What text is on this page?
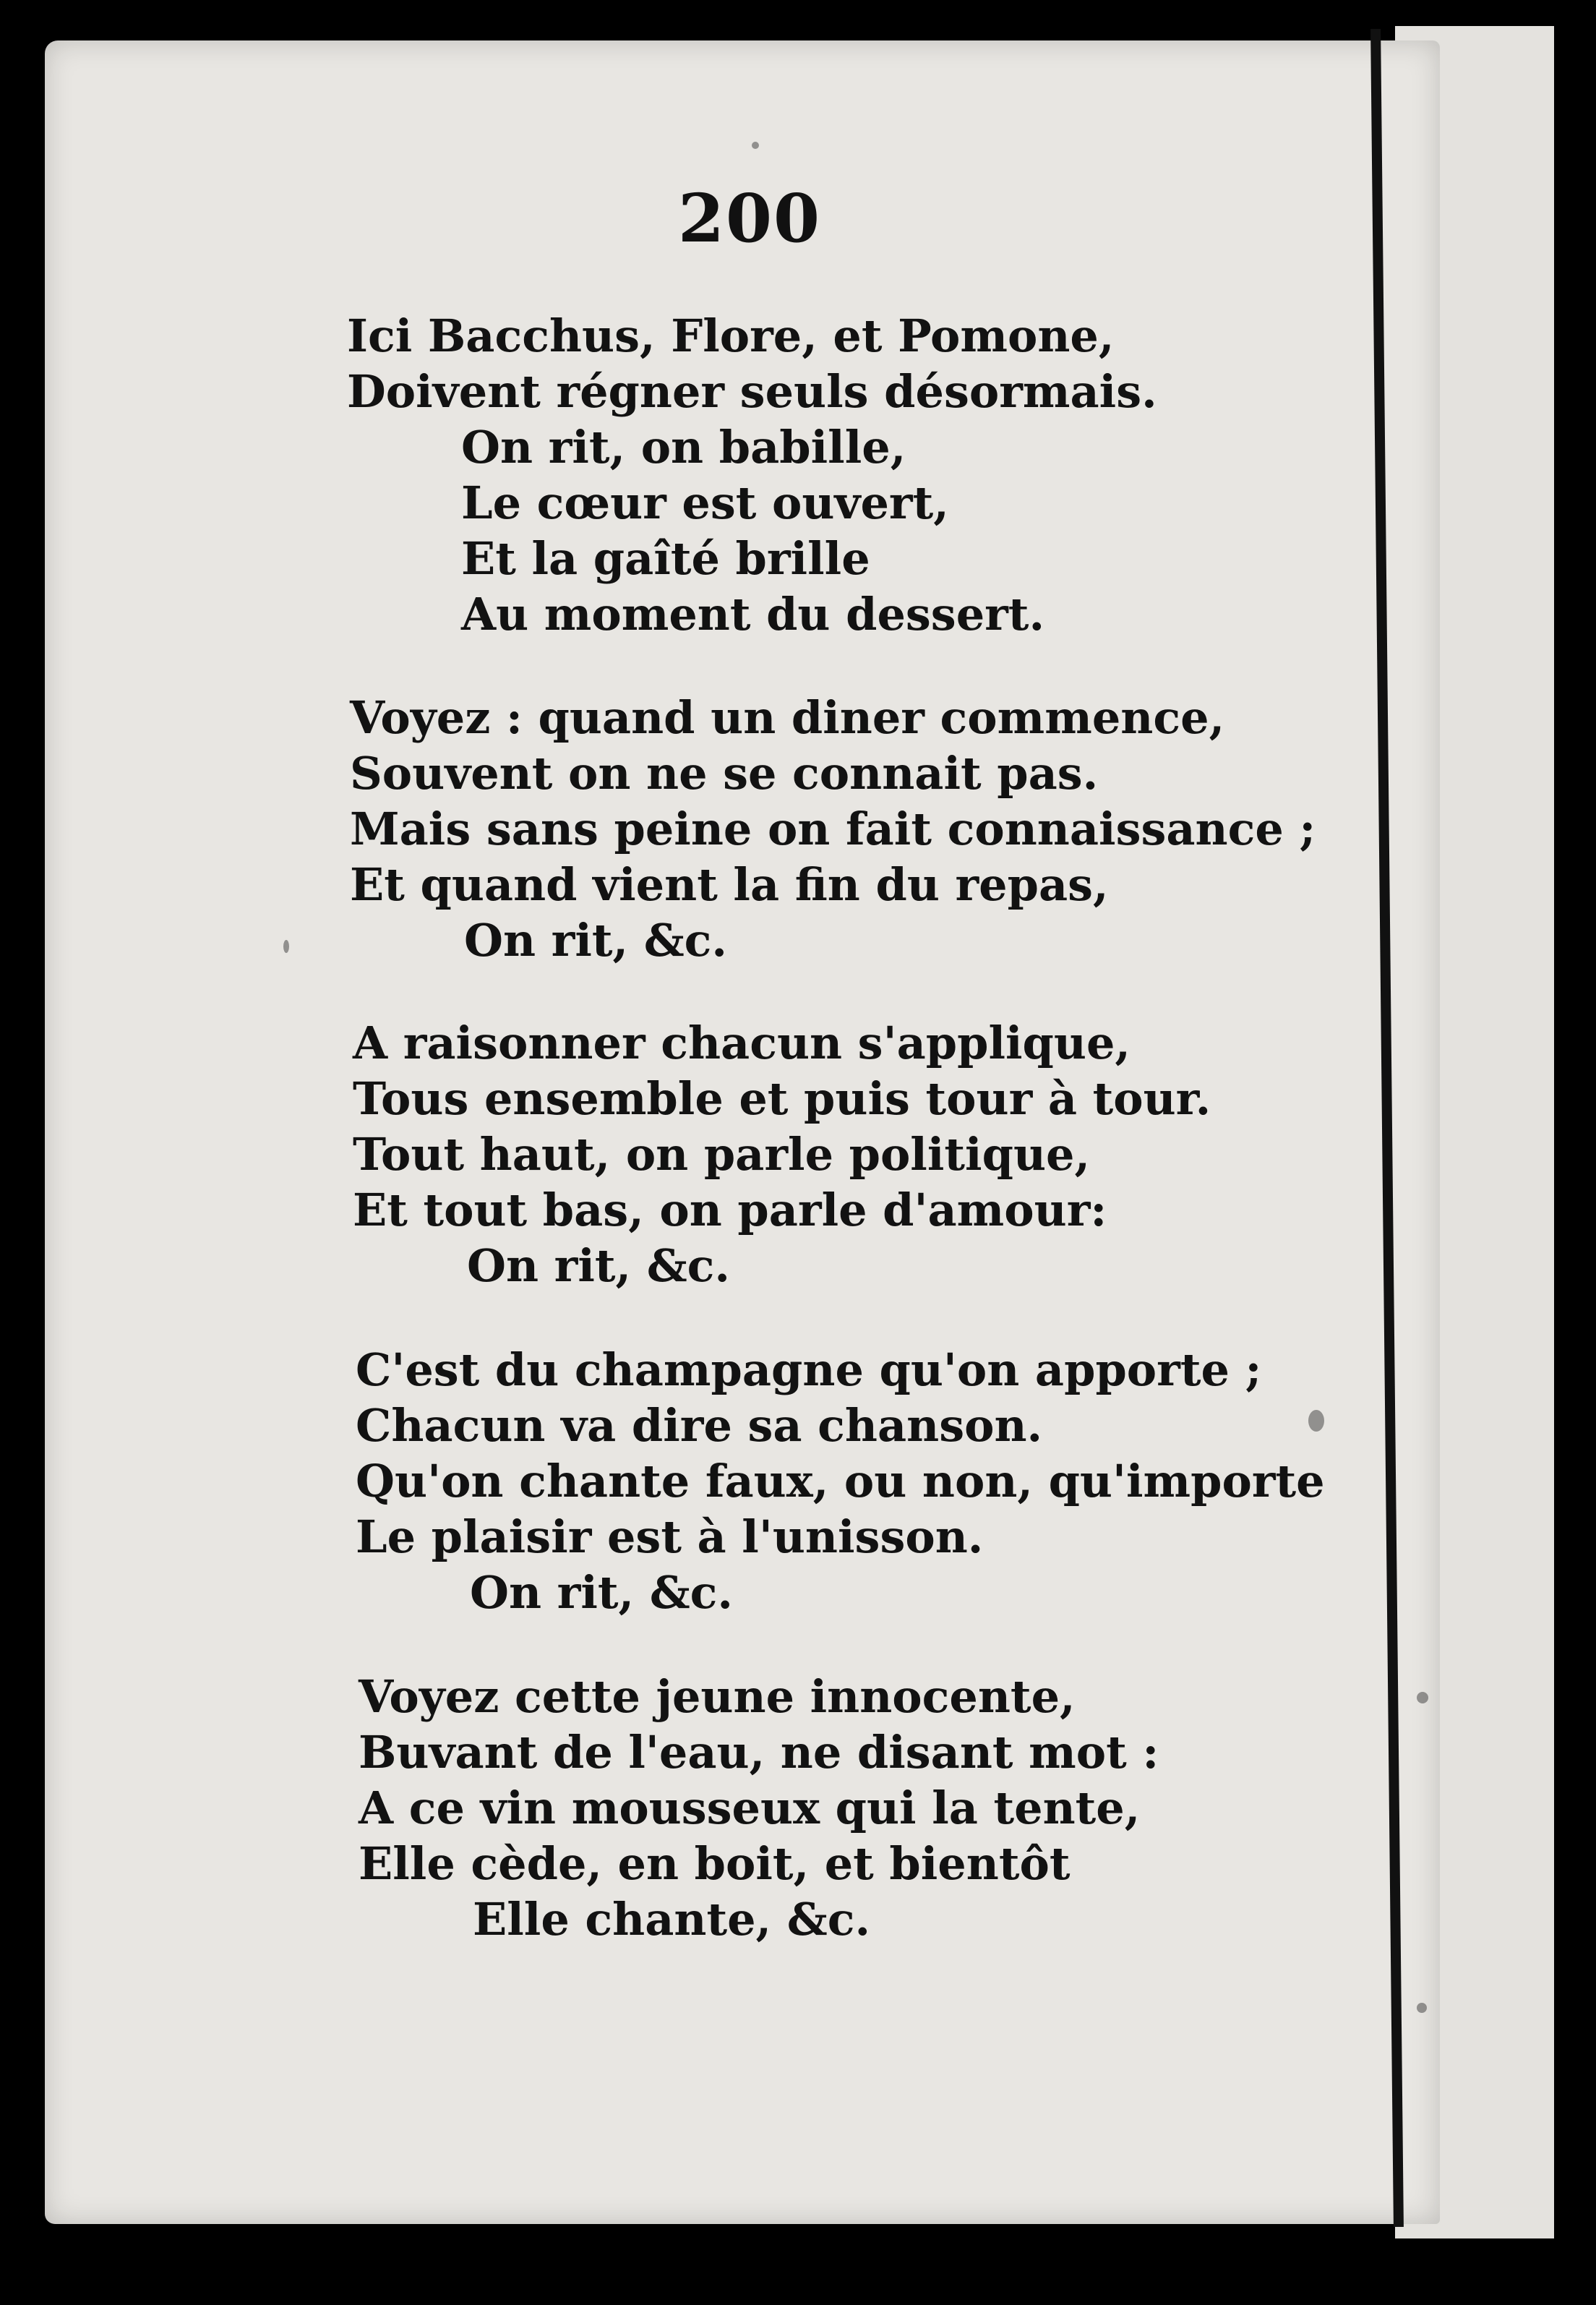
200
Ici Bacchus, Flore, et Pomone,
Doivent régner seuls désormais.
On rit, on babille,
Le cœur est ouvert,
Et la gaîté brille
Au moment du dessert.
Voyez : quand un diner commence,
Souvent on ne se connait pas.
Mais sans peine on fait connaissance ;
Et quand vient la fin du repas,
On rit, &c.
A raisonner chacun s'applique,
Tous ensemble et puis tour à tour.
Tout haut, on parle politique,
Et tout bas, on parle d'amour:
On rit, &c.
C'est du champagne qu'on apporte ;
Chacun va dire sa chanson.
Qu'on chante faux, ou non, qu'importe
Le plaisir est à l'unisson.
On rit, &c.
Voyez cette jeune innocente,
Buvant de l'eau, ne disant mot :
A ce vin mousseux qui la tente,
Elle cède, en boit, et bientôt
Elle chante, &c.
